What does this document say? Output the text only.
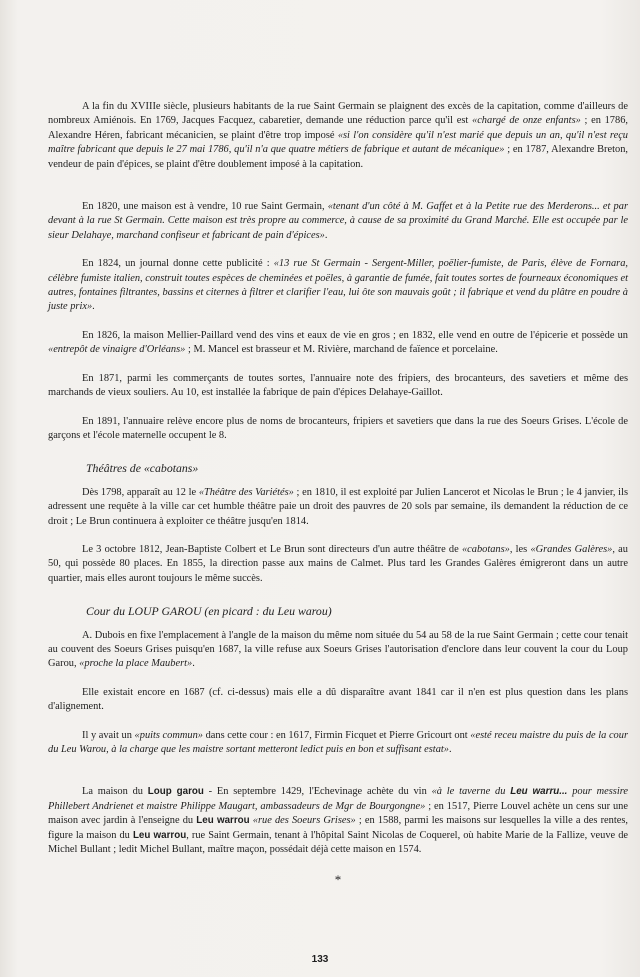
A la fin du XVIIIe siècle, plusieurs habitants de la rue Saint Germain se plaignent des excès de la capitation, comme d'ailleurs de nombreux Amiénois. En 1769, Jacques Facquez, cabaretier, demande une réduction parce qu'il est «chargé de onze enfants» ; en 1786, Alexandre Héren, fabricant mécanicien, se plaint d'être trop imposé «si l'on considère qu'il n'est marié que depuis un an, qu'il n'est reçu maître fabricant que depuis le 27 mai 1786, qu'il n'a que quatre métiers de fabrique et autant de mécanique» ; en 1787, Alexandre Breton, vendeur de pain d'épices, se plaint d'être doublement imposé à la capitation.

En 1820, une maison est à vendre, 10 rue Saint Germain, «tenant d'un côté à M. Gaffet et à la Petite rue des Merderons... et par devant à la rue St Germain. Cette maison est très propre au commerce, à cause de sa proximité du Grand Marché. Elle est occupée par le sieur Delahaye, marchand confiseur et fabricant de pain d'épices».

En 1824, un journal donne cette publicité : «13 rue St Germain - Sergent-Miller, poëlier-fumiste, de Paris, élève de Fornara, célèbre fumiste italien, construit toutes espèces de cheminées et poëles, à garantie de fumée, fait toutes sortes de fourneaux économiques et autres, fontaines filtrantes, bassins et citernes à filtrer et clarifier l'eau, lui ôte son mauvais goût ; il fabrique et vend du plâtre en poudre à juste prix».

En 1826, la maison Mellier-Paillard vend des vins et eaux de vie en gros ; en 1832, elle vend en outre de l'épicerie et possède un «entrepôt de vinaigre d'Orléans» ; M. Mancel est brasseur et M. Rivière, marchand de faïence et porcelaine.

En 1871, parmi les commerçants de toutes sortes, l'annuaire note des fripiers, des brocanteurs, des savetiers et même des marchands de vieux souliers. Au 10, est installée la fabrique de pain d'épices Delahaye-Gaillot.

En 1891, l'annuaire relève encore plus de noms de brocanteurs, fripiers et savetiers que dans la rue des Soeurs Grises. L'école de garçons et l'école maternelle occupent le 8.

Théâtres de «cabotans»

Dès 1798, apparaît au 12 le «Théâtre des Variétés» ; en 1810, il est exploité par Julien Lancerot et Nicolas le Brun ; le 4 janvier, ils adressent une requête à la ville car cet humble théâtre paie un droit des pauvres de 20 sols par semaine, ils demandent la réduction de ce droit ; Le Brun continuera à exploiter ce théâtre jusqu'en 1814.

Le 3 octobre 1812, Jean-Baptiste Colbert et Le Brun sont directeurs d'un autre théâtre de «cabotans», les «Grandes Galères», au 50, qui possède 80 places. En 1855, la direction passe aux mains de Calmet. Plus tard les Grandes Galères émigreront dans un autre quartier, mais elles auront toujours le même succès.

Cour du LOUP GAROU (en picard : du Leu warou)

A. Dubois en fixe l'emplacement à l'angle de la maison du même nom située du 54 au 58 de la rue Saint Germain ; cette cour tenait au couvent des Soeurs Grises puisqu'en 1687, la ville refuse aux Soeurs Grises l'autorisation d'enclore dans leur couvent la cour du Loup Garou, «proche la place Maubert».

Elle existait encore en 1687 (cf. ci-dessus) mais elle a dû disparaître avant 1841 car il n'en est plus question dans les plans d'alignement.

Il y avait un «puits commun» dans cette cour : en 1617, Firmin Ficquet et Pierre Gricourt ont «esté receu maistre du puis de la cour du Leu Warou, à la charge que les maistre sortant metteront ledict puis en bon et suffisant estat».

La maison du Loup garou - En septembre 1429, l'Echevinage achète du vin «à le taverne du Leu warru... pour messire Phillebert Andrienet et maistre Philippe Maugart, ambassadeurs de Mgr de Bourgongne» ; en 1517, Pierre Louvel achète un cens sur une maison avec jardin à l'enseigne du Leu warrou «rue des Soeurs Grises» ; en 1588, parmi les maisons sur lesquelles la ville a des rentes, figure la maison du Leu warrou, rue Saint Germain, tenant à l'hôpital Saint Nicolas de Coquerel, où habite Marie de la Fallize, veuve de Michel Bullant ; ledit Michel Bullant, maître maçon, possédait déjà cette maison en 1574.

*
133
